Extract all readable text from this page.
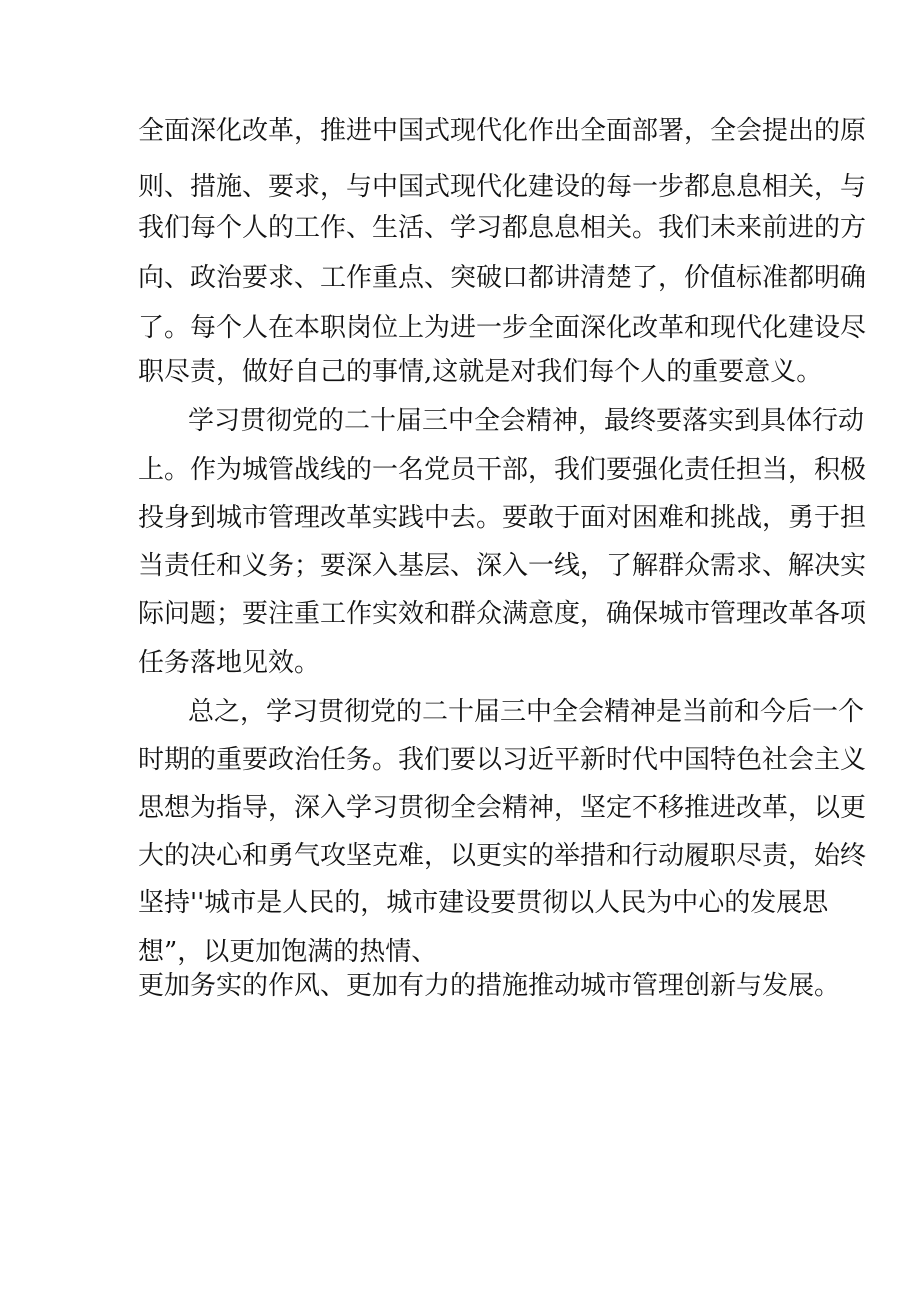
全面深化改革，推进中国式现代化作出全面部署，全会提出的原

则、措施、要求，与中国式现代化建设的每一步都息息相关，与

我们每个人的工作、生活、学习都息息相关。我们未来前进的方

向、政治要求、工作重点、突破口都讲清楚了，价值标准都明确

了。每个人在本职岗位上为进一步全面深化改革和现代化建设尽

职尽责，做好自己的事情,这就是对我们每个人的重要意义。

学习贯彻党的二十届三中全会精神，最终要落实到具体行动

上。作为城管战线的一名党员干部，我们要强化责任担当，积极

投身到城市管理改革实践中去。要敢于面对困难和挑战，勇于担

当责任和义务；要深入基层、深入一线，了解群众需求、解决实

际问题；要注重工作实效和群众满意度，确保城市管理改革各项

任务落地见效。

总之，学习贯彻党的二十届三中全会精神是当前和今后一个

时期的重要政治任务。我们要以习近平新时代中国特色社会主义

思想为指导，深入学习贯彻全会精神，坚定不移推进改革，以更

大的决心和勇气攻坚克难，以更实的举措和行动履职尽责，始终

坚持''城市是人民的，城市建设要贯彻以人民为中心的发展思

想”，以更加饱满的热情、

更加务实的作风、更加有力的措施推动城市管理创新与发展。
